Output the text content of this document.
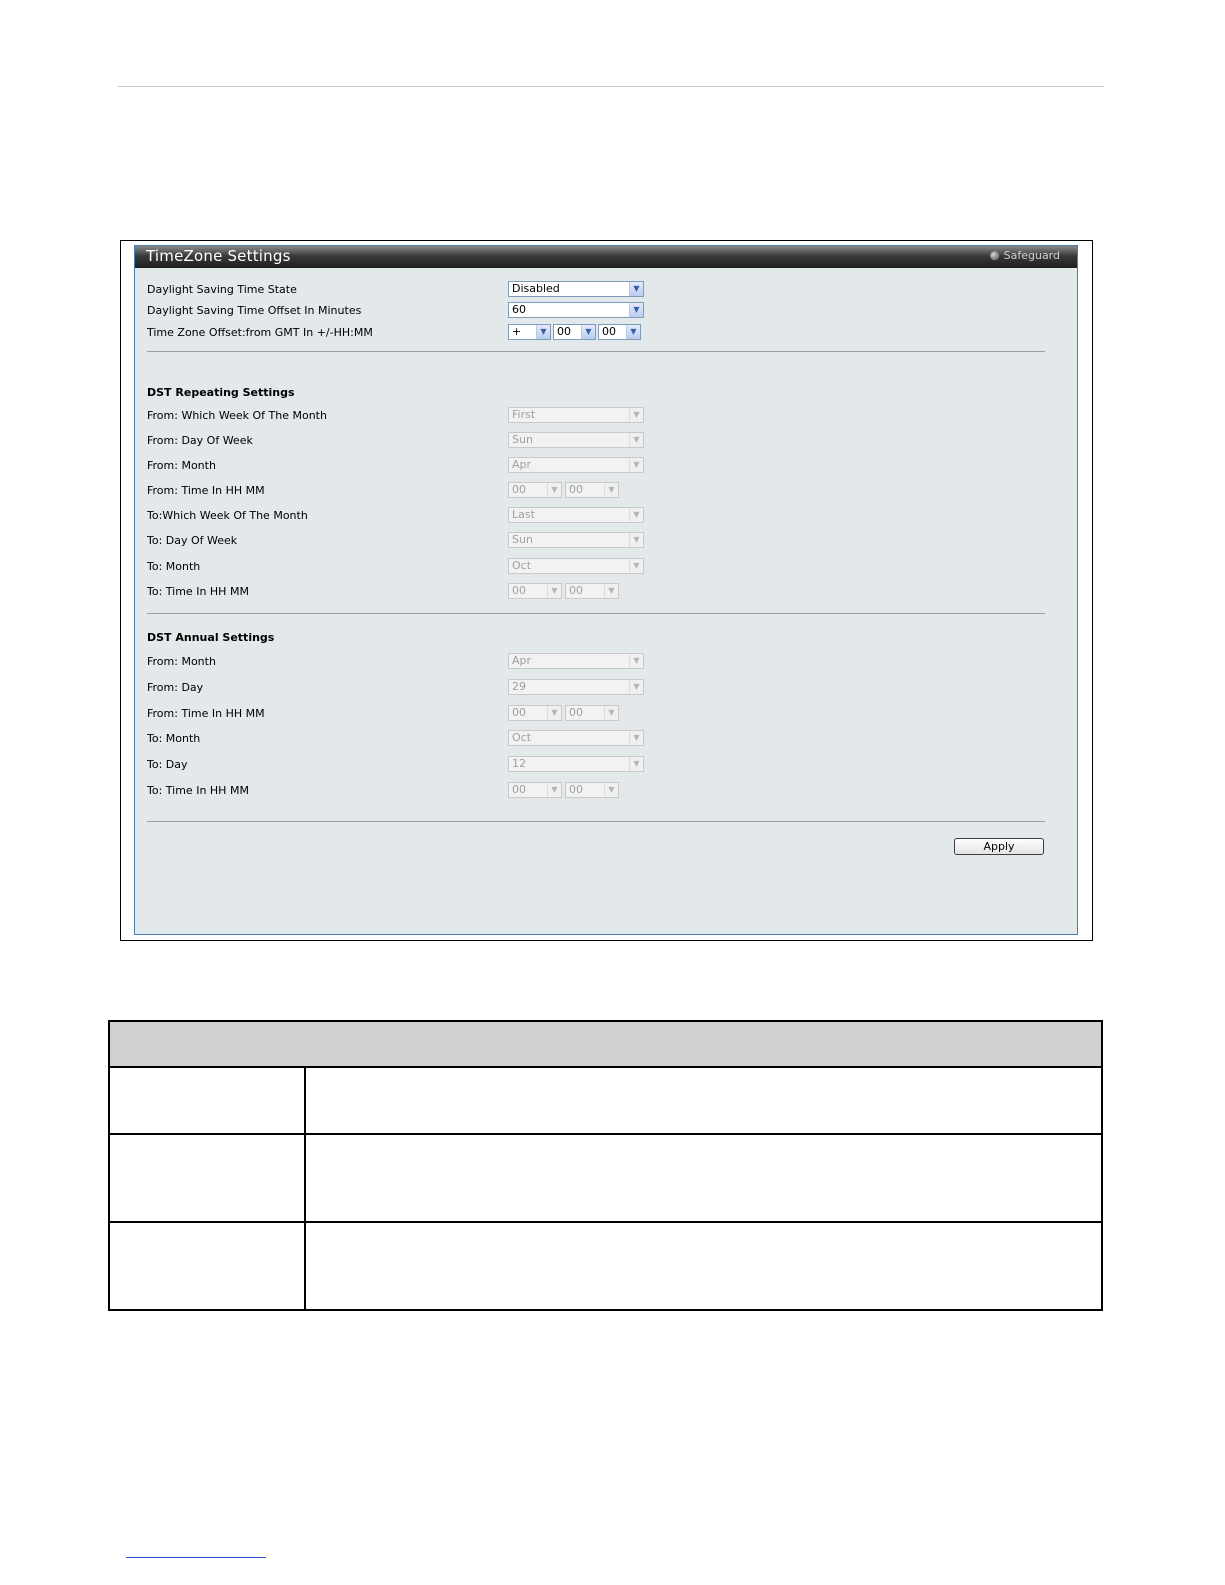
TimeZone Settings	Safeguard
Daylight Saving Time State	Disabled	▼
Daylight Saving Time Offset In Minutes	60	▼
Time Zone Offset:from GMT In +/-HH:MM	+	▼ 00	▼ 00	▼
DST Repeating Settings
From: Which Week Of The Month	First	▼
From: Day Of Week	Sun	▼
From: Month	Apr	▼
From: Time In HH MM	00	▼	00	▼
To:Which Week Of The Month	Last	▼
To: Day Of Week	Sun	▼
To: Month	Oct	▼
To: Time In HH MM	00	▼	00	▼
DST Annual Settings
From: Month	Apr	▼
From: Day	29	▼
From: Time In HH MM	00	▼	00	▼
To: Month	Oct	▼
To: Day	12	▼
To: Time In HH MM	00	▼	00	▼
Apply
